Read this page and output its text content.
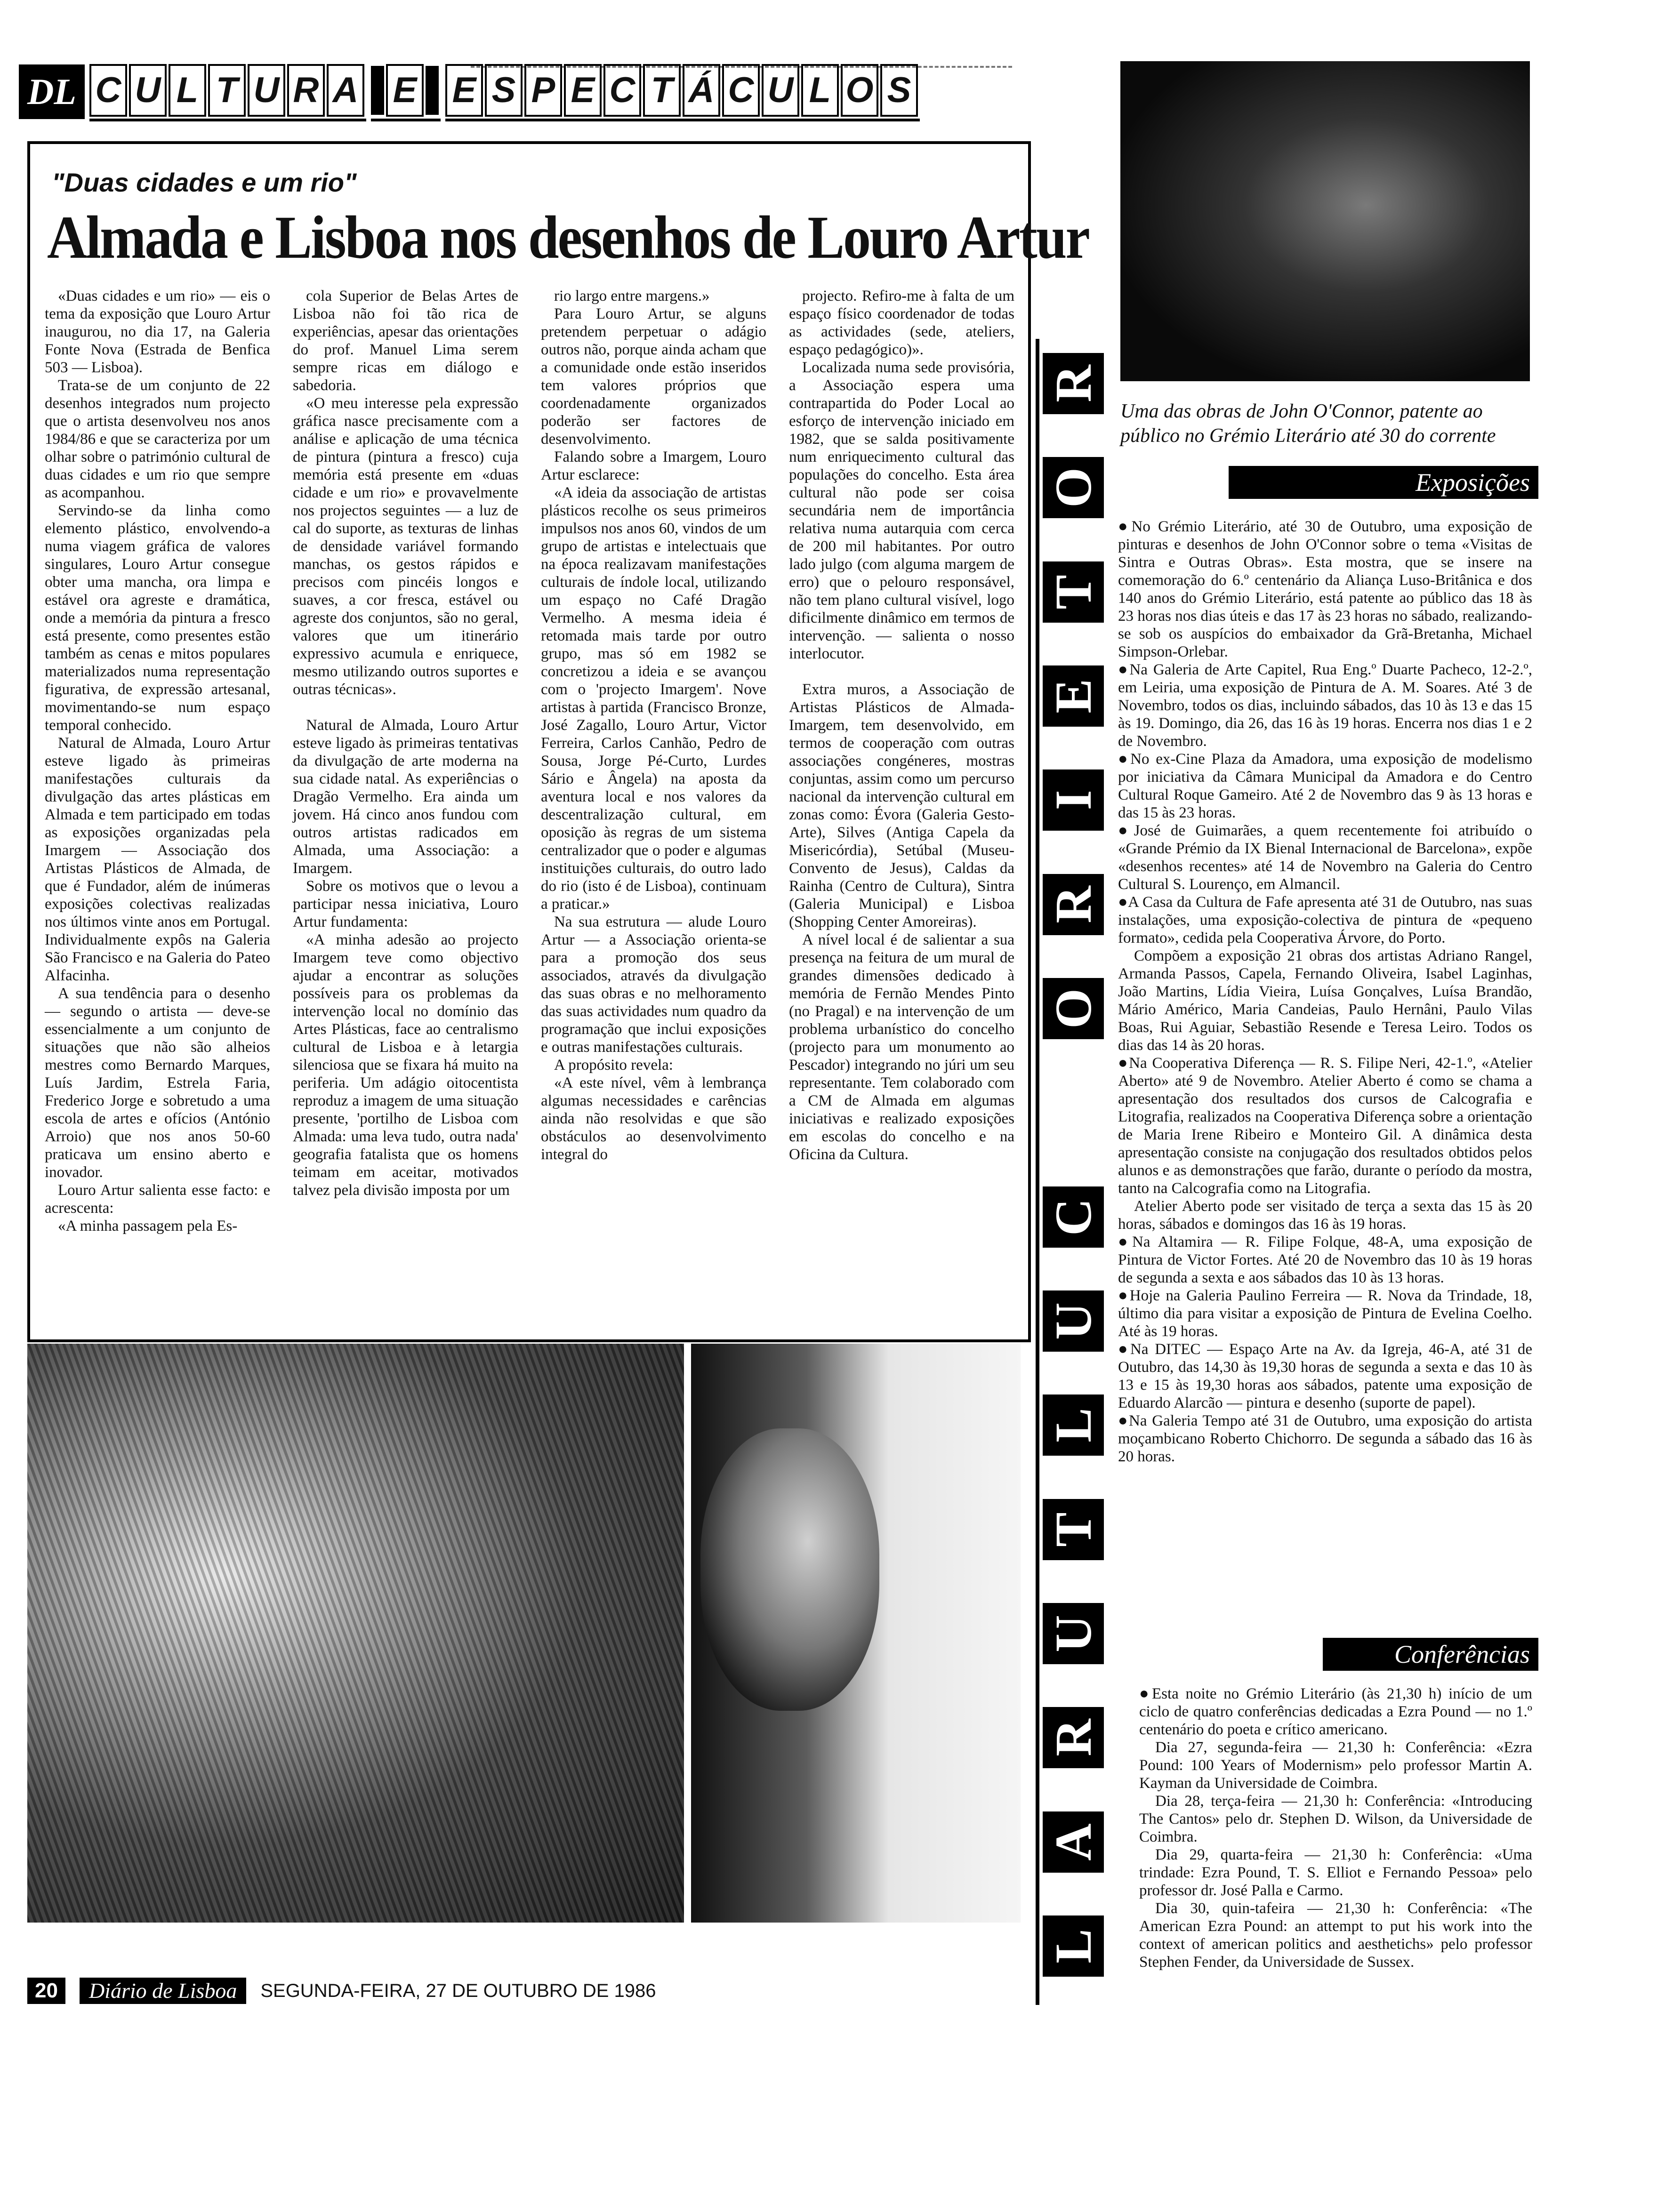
DL C U L T U R A E E S P E C T Á C U L O S
"Duas cidades e um rio"
Almada e Lisboa nos desenhos de Louro Artur

«Duas cidades e um rio» — eis o tema da exposição que Louro Artur inaugurou, no dia 17, na Galeria Fonte Nova (Estrada de Benfica 503 — Lisboa).

Trata-se de um conjunto de 22 desenhos integrados num projecto que o artista desenvolveu nos anos 1984/86 e que se caracteriza por um olhar sobre o património cultural de duas cidades e um rio que sempre as acompanhou.

Servindo-se da linha como elemento plástico, envolvendo-a numa viagem gráfica de valores singulares, Louro Artur consegue obter uma mancha, ora limpa e estável ora agreste e dramática, onde a memória da pintura a fresco está presente, como presentes estão também as cenas e mitos populares materializados numa representação figurativa, de expressão artesanal, movimentando-se num espaço temporal conhecido.

Natural de Almada, Louro Artur esteve ligado às primeiras manifestações culturais da divulgação das artes plásticas em Almada e tem participado em todas as exposições organizadas pela Imargem — Associação dos Artistas Plásticos de Almada, de que é Fundador, além de inúmeras exposições colectivas realizadas nos últimos vinte anos em Portugal. Individualmente expôs na Galeria São Francisco e na Galeria do Pateo Alfacinha.

A sua tendência para o desenho — segundo o artista — deve-se essencialmente a um conjunto de situações que não são alheios mestres como Bernardo Marques, Luís Jardim, Estrela Faria, Frederico Jorge e sobretudo a uma escola de artes e ofícios (António Arroio) que nos anos 50-60 praticava um ensino aberto e inovador.

Louro Artur salienta esse facto: e acrescenta:

«A minha passagem pela Es-

cola Superior de Belas Artes de Lisboa não foi tão rica de experiências, apesar das orientações do prof. Manuel Lima serem sempre ricas em diálogo e sabedoria.

«O meu interesse pela expressão gráfica nasce precisamente com a análise e aplicação de uma técnica de pintura (pintura a fresco) cuja memória está presente em «duas cidade e um rio» e provavelmente nos projectos seguintes — a luz de cal do suporte, as texturas de linhas de densidade variável formando manchas, os gestos rápidos e precisos com pincéis longos e suaves, a cor fresca, estável ou agreste dos conjuntos, são no geral, valores que um itinerário expressivo acumula e enriquece, mesmo utilizando outros suportes e outras técnicas».

Natural de Almada, Louro Artur esteve ligado às primeiras tentativas da divulgação de arte moderna na sua cidade natal. As experiências o Dragão Vermelho. Era ainda um jovem. Há cinco anos fundou com outros artistas radicados em Almada, uma Associação: a Imargem.

Sobre os motivos que o levou a participar nessa iniciativa, Louro Artur fundamenta:

«A minha adesão ao projecto Imargem teve como objectivo ajudar a encontrar as soluções possíveis para os problemas da intervenção local no domínio das Artes Plásticas, face ao centralismo cultural de Lisboa e à letargia silenciosa que se fixara há muito na periferia. Um adágio oitocentista reproduz a imagem de uma situação presente, 'portilho de Lisboa com Almada: uma leva tudo, outra nada' geografia fatalista que os homens teimam em aceitar, motivados talvez pela divisão imposta por um

rio largo entre margens.»

Para Louro Artur, se alguns pretendem perpetuar o adágio outros não, porque ainda acham que a comunidade onde estão inseridos tem valores próprios que coordenadamente organizados poderão ser factores de desenvolvimento.

Falando sobre a Imargem, Louro Artur esclarece:

«A ideia da associação de artistas plásticos recolhe os seus primeiros impulsos nos anos 60, vindos de um grupo de artistas e intelectuais que na época realizavam manifestações culturais de índole local, utilizando um espaço no Café Dragão Vermelho. A mesma ideia é retomada mais tarde por outro grupo, mas só em 1982 se concretizou a ideia e se avançou com o 'projecto Imargem'. Nove artistas à partida (Francisco Bronze, José Zagallo, Louro Artur, Victor Ferreira, Carlos Canhão, Pedro de Sousa, Jorge Pé-Curto, Lurdes Sário e Ângela) na aposta da aventura local e nos valores da descentralização cultural, em oposição às regras de um sistema centralizador que o poder e algumas instituições culturais, do outro lado do rio (isto é de Lisboa), continuam a praticar.»

Na sua estrutura — alude Louro Artur — a Associação orienta-se para a promoção dos seus associados, através da divulgação das suas obras e no melhoramento das suas actividades num quadro da programação que inclui exposições e outras manifestações culturais.

A propósito revela:

«A este nível, vêm à lembrança algumas necessidades e carências ainda não resolvidas e que são obstáculos ao desenvolvimento integral do

projecto. Refiro-me à falta de um espaço físico coordenador de todas as actividades (sede, ateliers, espaço pedagógico)».

Localizada numa sede provisória, a Associação espera uma contrapartida do Poder Local ao esforço de intervenção iniciado em 1982, que se salda positivamente num enriquecimento cultural das populações do concelho. Esta área cultural não pode ser coisa secundária nem de importância relativa numa autarquia com cerca de 200 mil habitantes. Por outro lado julgo (com alguma margem de erro) que o pelouro responsável, não tem plano cultural visível, logo dificilmente dinâmico em termos de intervenção. — salienta o nosso interlocutor.

Extra muros, a Associação de Artistas Plásticos de Almada-Imargem, tem desenvolvido, em termos de cooperação com outras associações congéneres, mostras conjuntas, assim como um percurso nacional da intervenção cultural em zonas como: Évora (Galeria Gesto-Arte), Silves (Antiga Capela da Misericórdia), Setúbal (Museu-Convento de Jesus), Caldas da Rainha (Centro de Cultura), Sintra (Galeria Municipal) e Lisboa (Shopping Center Amoreiras).

A nível local é de salientar a sua presença na feitura de um mural de grandes dimensões dedicado à memória de Fernão Mendes Pinto (no Pragal) e na intervenção de um problema urbanístico do concelho (projecto para um monumento ao Pescador) integrando no júri um seu representante. Tem colaborado com a CM de Almada em algumas iniciativas e realizado exposições em escolas do concelho e na Oficina da Cultura.

20	Diário de Lisboa	SEGUNDA-FEIRA, 27 DE OUTUBRO DE 1986
R
O
T
E
I
R
O
C
U
L
T
U
R
A
L
Uma das obras de John O'Connor, patente ao público no Grémio Literário até 30 do corrente
Exposições

● No Grémio Literário, até 30 de Outubro, uma exposição de pinturas e desenhos de John O'Connor sobre o tema «Visitas de Sintra e Outras Obras». Esta mostra, que se insere na comemoração do 6.º centenário da Aliança Luso-Britânica e dos 140 anos do Grémio Literário, está patente ao público das 18 às 23 horas nos dias úteis e das 17 às 23 horas no sábado, realizando-se sob os auspícios do embaixador da Grã-Bretanha, Michael Simpson-Orlebar.

● Na Galeria de Arte Capitel, Rua Eng.º Duarte Pacheco, 12-2.º, em Leiria, uma exposição de Pintura de A. M. Soares. Até 3 de Novembro, todos os dias, incluindo sábados, das 10 às 13 e das 15 às 19. Domingo, dia 26, das 16 às 19 horas. Encerra nos dias 1 e 2 de Novembro.

● No ex-Cine Plaza da Amadora, uma exposição de modelismo por iniciativa da Câmara Municipal da Amadora e do Centro Cultural Roque Gameiro. Até 2 de Novembro das 9 às 13 horas e das 15 às 23 horas.

● José de Guimarães, a quem recentemente foi atribuído o «Grande Prémio da IX Bienal Internacional de Barcelona», expõe «desenhos recentes» até 14 de Novembro na Galeria do Centro Cultural S. Lourenço, em Almancil.

● A Casa da Cultura de Fafe apresenta até 31 de Outubro, nas suas instalações, uma exposição-colectiva de pintura de «pequeno formato», cedida pela Cooperativa Árvore, do Porto.

Compõem a exposição 21 obras dos artistas Adriano Rangel, Armanda Passos, Capela, Fernando Oliveira, Isabel Laginhas, João Martins, Lídia Vieira, Luísa Gonçalves, Luísa Brandão, Mário Américo, Maria Candeias, Paulo Hernâni, Paulo Vilas Boas, Rui Aguiar, Sebastião Resende e Teresa Leiro. Todos os dias das 14 às 20 horas.

● Na Cooperativa Diferença — R. S. Filipe Neri, 42-1.º, «Atelier Aberto» até 9 de Novembro. Atelier Aberto é como se chama a apresentação dos resultados dos cursos de Calcografia e Litografia, realizados na Cooperativa Diferença sobre a orientação de Maria Irene Ribeiro e Monteiro Gil. A dinâmica desta apresentação consiste na conjugação dos resultados obtidos pelos alunos e as demonstrações que farão, durante o período da mostra, tanto na Calcografia como na Litografia.

Atelier Aberto pode ser visitado de terça a sexta das 15 às 20 horas, sábados e domingos das 16 às 19 horas.

● Na Altamira — R. Filipe Folque, 48-A, uma exposição de Pintura de Victor Fortes. Até 20 de Novembro das 10 às 19 horas de segunda a sexta e aos sábados das 10 às 13 horas.

● Hoje na Galeria Paulino Ferreira — R. Nova da Trindade, 18, último dia para visitar a exposição de Pintura de Evelina Coelho. Até às 19 horas.

● Na DITEC — Espaço Arte na Av. da Igreja, 46-A, até 31 de Outubro, das 14,30 às 19,30 horas de segunda a sexta e das 10 às 13 e 15 às 19,30 horas aos sábados, patente uma exposição de Eduardo Alarcão — pintura e desenho (suporte de papel).

● Na Galeria Tempo até 31 de Outubro, uma exposição do artista moçambicano Roberto Chichorro. De segunda a sábado das 16 às 20 horas.

Conferências

● Esta noite no Grémio Literário (às 21,30 h) início de um ciclo de quatro conferências dedicadas a Ezra Pound — no 1.º centenário do poeta e crítico americano.

Dia 27, segunda-feira — 21,30 h: Conferência: «Ezra Pound: 100 Years of Modernism» pelo professor Martin A. Kayman da Universidade de Coimbra.

Dia 28, terça-feira — 21,30 h: Conferência: «Introducing The Cantos» pelo dr. Stephen D. Wilson, da Universidade de Coimbra.

Dia 29, quarta-feira — 21,30 h: Conferência: «Uma trindade: Ezra Pound, T. S. Elliot e Fernando Pessoa» pelo professor dr. José Palla e Carmo.

Dia 30, quin-tafeira — 21,30 h: Conferência: «The American Ezra Pound: an attempt to put his work into the context of american politics and aesthetichs» pelo professor Stephen Fender, da Universidade de Sussex.
